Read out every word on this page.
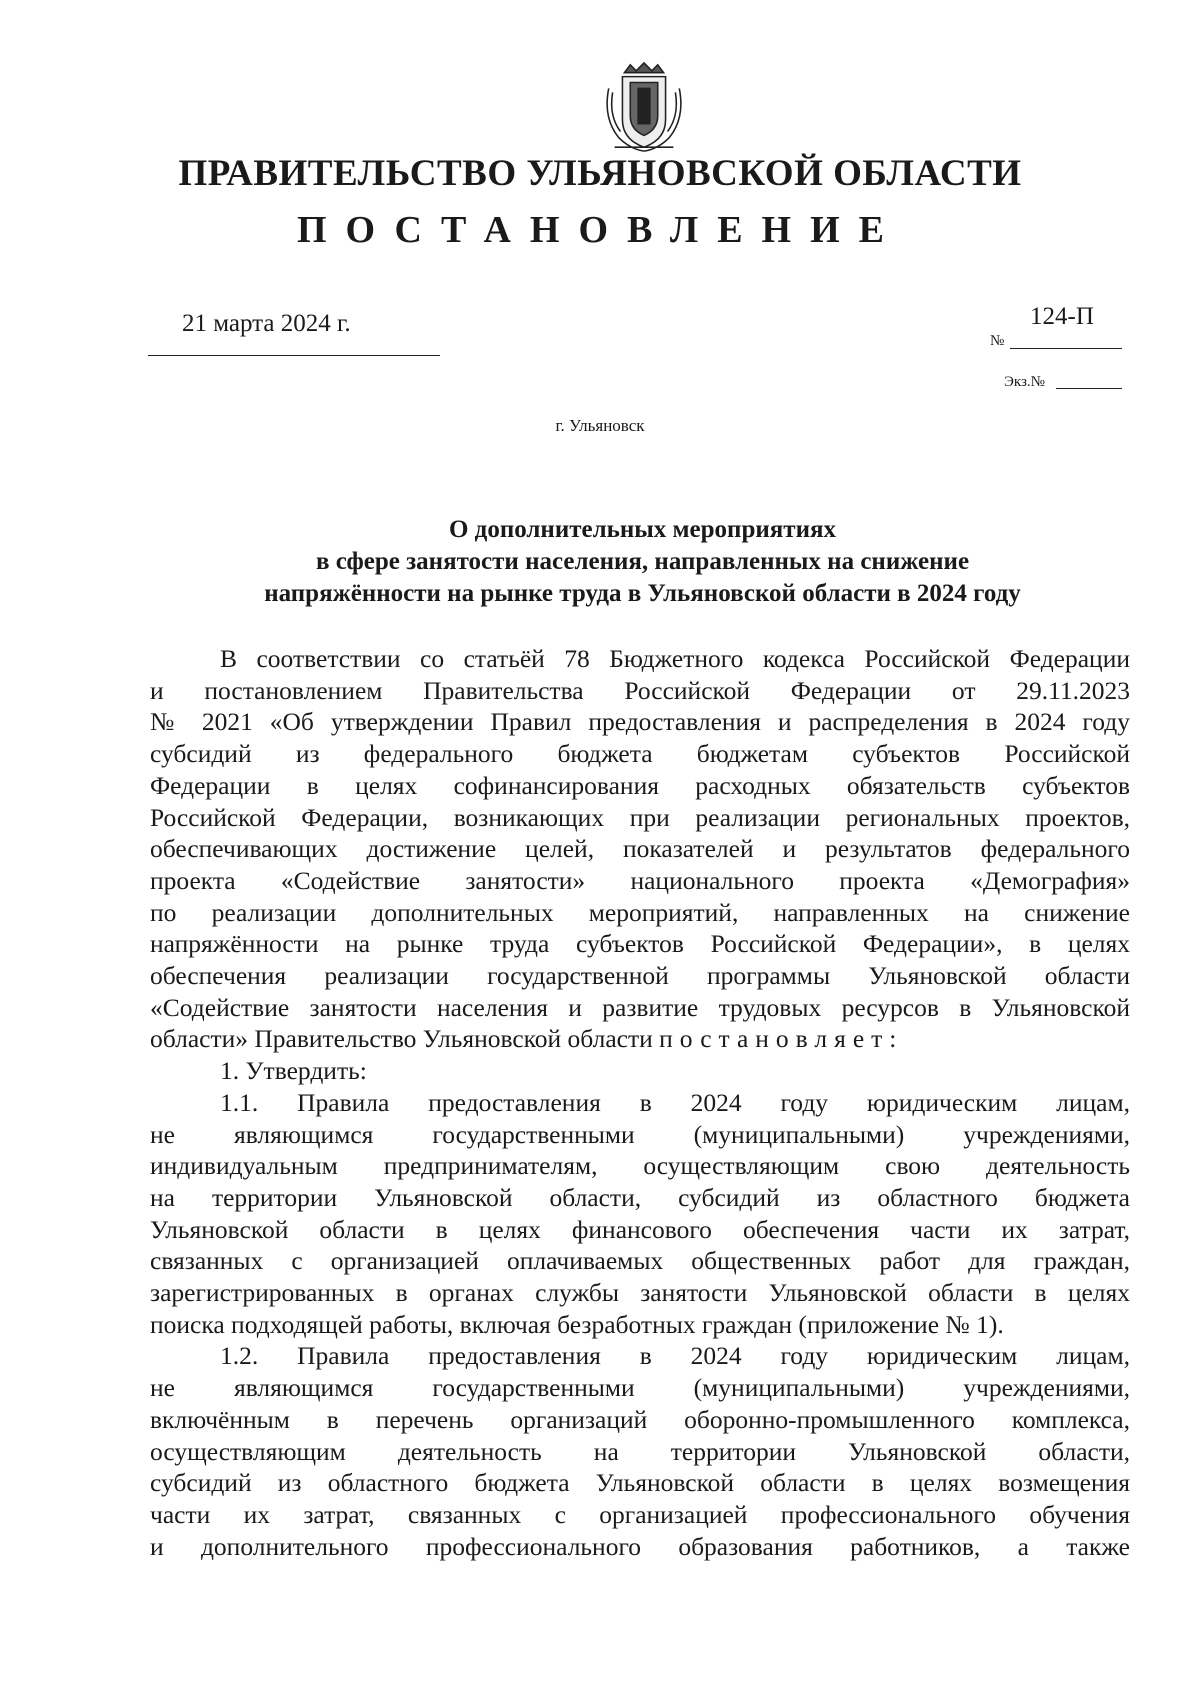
ПРАВИТЕЛЬСТВО УЛЬЯНОВСКОЙ ОБЛАСТИ
ПОСТАНОВЛЕНИЕ
21 марта 2024 г.	124-П
№
Экз.№
г. Ульяновск
О дополнительных мероприятиях
в сфере занятости населения, направленных на снижение
напряжённости на рынке труда в Ульяновской области в 2024 году
В соответствии со статьёй 78 Бюджетного кодекса Российской Федерации
и постановлением Правительства Российской Федерации от 29.11.2023
№ 2021 «Об утверждении Правил предоставления и распределения в 2024 году
субсидий из федерального бюджета бюджетам субъектов Российской
Федерации в целях софинансирования расходных обязательств субъектов
Российской Федерации, возникающих при реализации региональных проектов,
обеспечивающих достижение целей, показателей и результатов федерального
проекта «Содействие занятости» национального проекта «Демография»
по реализации дополнительных мероприятий, направленных на снижение
напряжённости на рынке труда субъектов Российской Федерации», в целях
обеспечения реализации государственной программы Ульяновской области
«Содействие занятости населения и развитие трудовых ресурсов в Ульяновской
области» Правительство Ульяновской области постановляет:
1. Утвердить:
1.1. Правила предоставления в 2024 году юридическим лицам,
не являющимся государственными (муниципальными) учреждениями,
индивидуальным предпринимателям, осуществляющим свою деятельность
на территории Ульяновской области, субсидий из областного бюджета
Ульяновской области в целях финансового обеспечения части их затрат,
связанных с организацией оплачиваемых общественных работ для граждан,
зарегистрированных в органах службы занятости Ульяновской области в целях
поиска подходящей работы, включая безработных граждан (приложение № 1).
1.2. Правила предоставления в 2024 году юридическим лицам,
не являющимся государственными (муниципальными) учреждениями,
включённым в перечень организаций оборонно-промышленного комплекса,
осуществляющим деятельность на территории Ульяновской области,
субсидий из областного бюджета Ульяновской области в целях возмещения
части их затрат, связанных с организацией профессионального обучения
и дополнительного профессионального образования работников, а также
